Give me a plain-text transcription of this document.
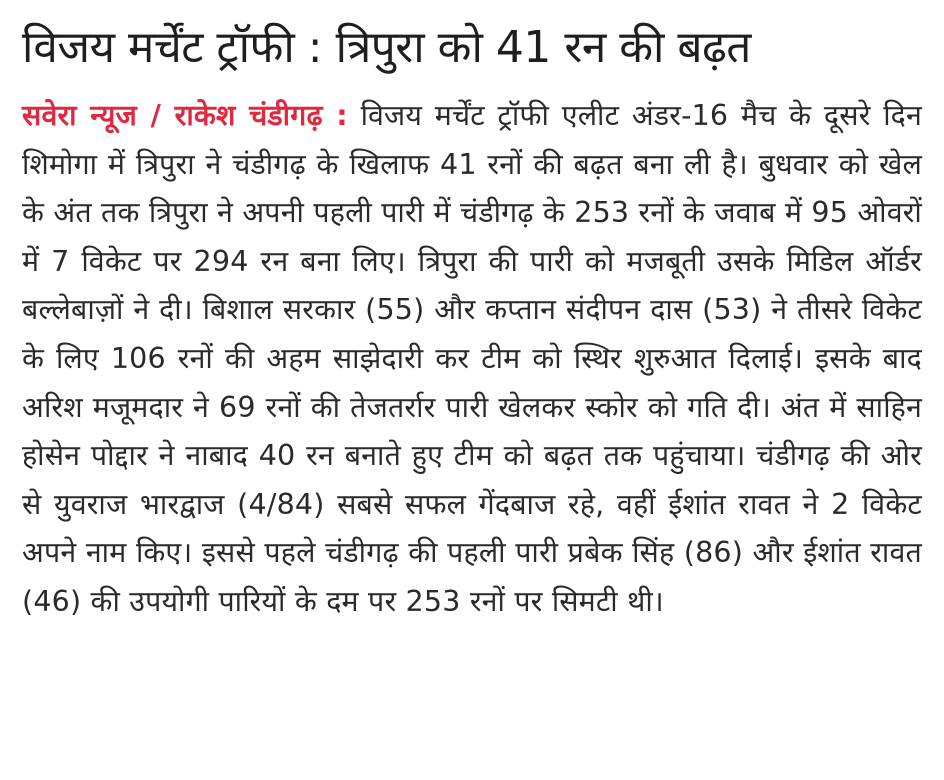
विजय मर्चेंट ट्रॉफी : त्रिपुरा को 41 रन की बढ़त

सवेरा न्यूज / राकेश चंडीगढ़ : विजय मर्चेंट ट्रॉफी एलीट अंडर-16 मैच के दूसरे दिन शिमोगा में त्रिपुरा ने चंडीगढ़ के खिलाफ 41 रनों की बढ़त बना ली है। बुधवार को खेल के अंत तक त्रिपुरा ने अपनी पहली पारी में चंडीगढ़ के 253 रनों के जवाब में 95 ओवरों में 7 विकेट पर 294 रन बना लिए। त्रिपुरा की पारी को मजबूती उसके मिडिल ऑर्डर बल्लेबाज़ों ने दी। बिशाल सरकार (55) और कप्तान संदीपन दास (53) ने तीसरे विकेट के लिए 106 रनों की अहम साझेदारी कर टीम को स्थिर शुरुआत दिलाई। इसके बाद अरिश मजूमदार ने 69 रनों की तेजतर्रार पारी खेलकर स्कोर को गति दी। अंत में साहिन होसेन पोद्दार ने नाबाद 40 रन बनाते हुए टीम को बढ़त तक पहुंचाया। चंडीगढ़ की ओर से युवराज भारद्वाज (4/84) सबसे सफल गेंदबाज रहे, वहीं ईशांत रावत ने 2 विकेट अपने नाम किए। इससे पहले चंडीगढ़ की पहली पारी प्रबेक सिंह (86) और ईशांत रावत (46) की उपयोगी पारियों के दम पर 253 रनों पर सिमटी थी।
